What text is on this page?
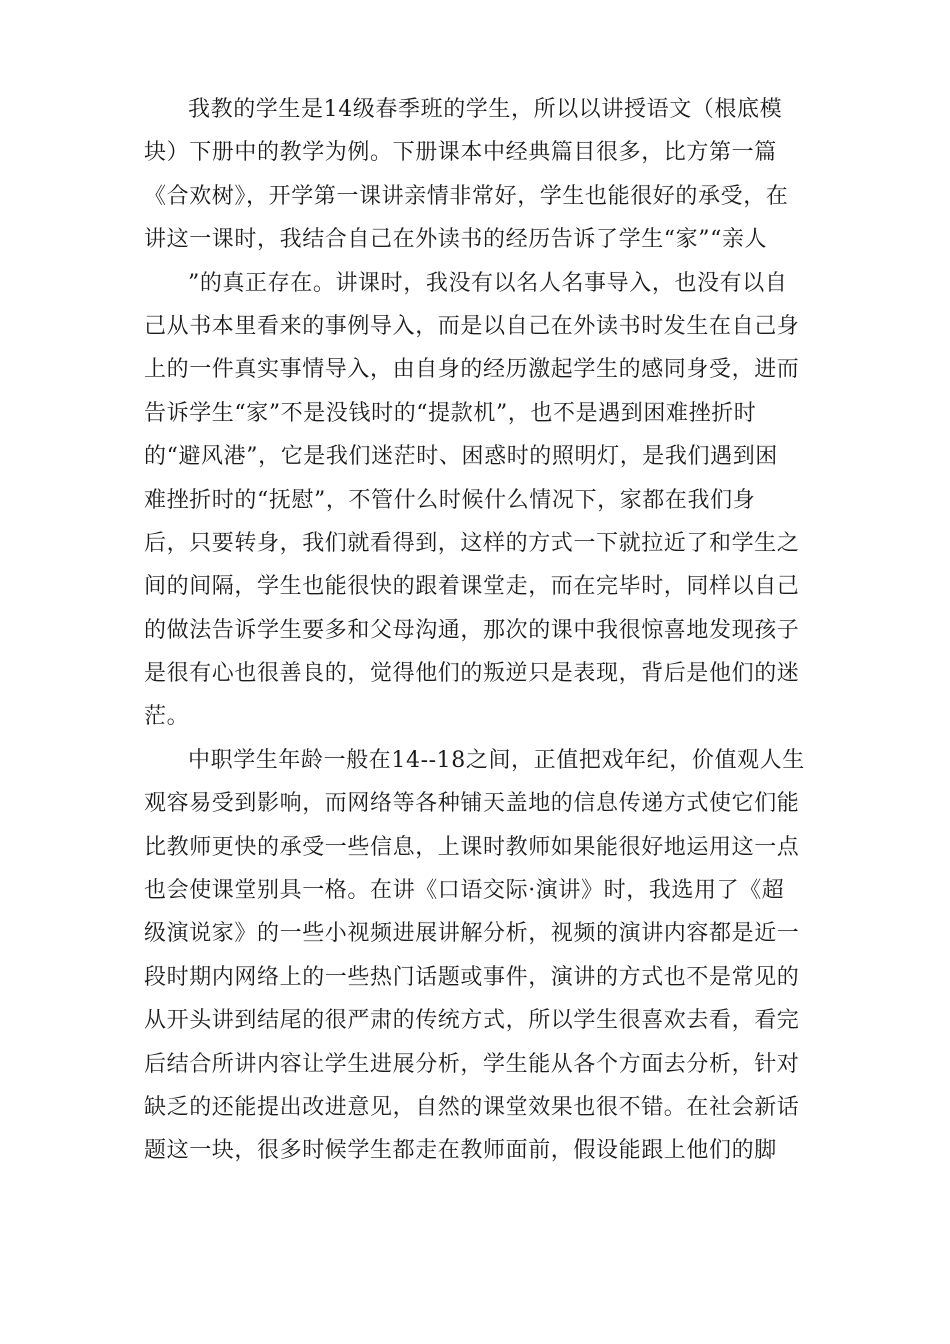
我教的学生是14级春季班的学生，所以以讲授语文（根底模
块）下册中的教学为例。下册课本中经典篇目很多，比方第一篇
《合欢树》，开学第一课讲亲情非常好，学生也能很好的承受，在
讲这一课时，我结合自己在外读书的经历告诉了学生“家”“亲人
”的真正存在。讲课时，我没有以名人名事导入，也没有以自
己从书本里看来的事例导入，而是以自己在外读书时发生在自己身
上的一件真实事情导入，由自身的经历激起学生的感同身受，进而
告诉学生“家”不是没钱时的“提款机”，也不是遇到困难挫折时
的“避风港”，它是我们迷茫时、困惑时的照明灯，是我们遇到困
难挫折时的“抚慰”，不管什么时候什么情况下，家都在我们身
后，只要转身，我们就看得到，这样的方式一下就拉近了和学生之
间的间隔，学生也能很快的跟着课堂走，而在完毕时，同样以自己
的做法告诉学生要多和父母沟通，那次的课中我很惊喜地发现孩子
是很有心也很善良的，觉得他们的叛逆只是表现，背后是他们的迷
茫。
中职学生年龄一般在14--18之间，正值把戏年纪，价值观人生
观容易受到影响，而网络等各种铺天盖地的信息传递方式使它们能
比教师更快的承受一些信息，上课时教师如果能很好地运用这一点
也会使课堂别具一格。在讲《口语交际·演讲》时，我选用了《超
级演说家》的一些小视频进展讲解分析，视频的演讲内容都是近一
段时期内网络上的一些热门话题或事件，演讲的方式也不是常见的
从开头讲到结尾的很严肃的传统方式，所以学生很喜欢去看，看完
后结合所讲内容让学生进展分析，学生能从各个方面去分析，针对
缺乏的还能提出改进意见，自然的课堂效果也很不错。在社会新话
题这一块，很多时候学生都走在教师面前，假设能跟上他们的脚
